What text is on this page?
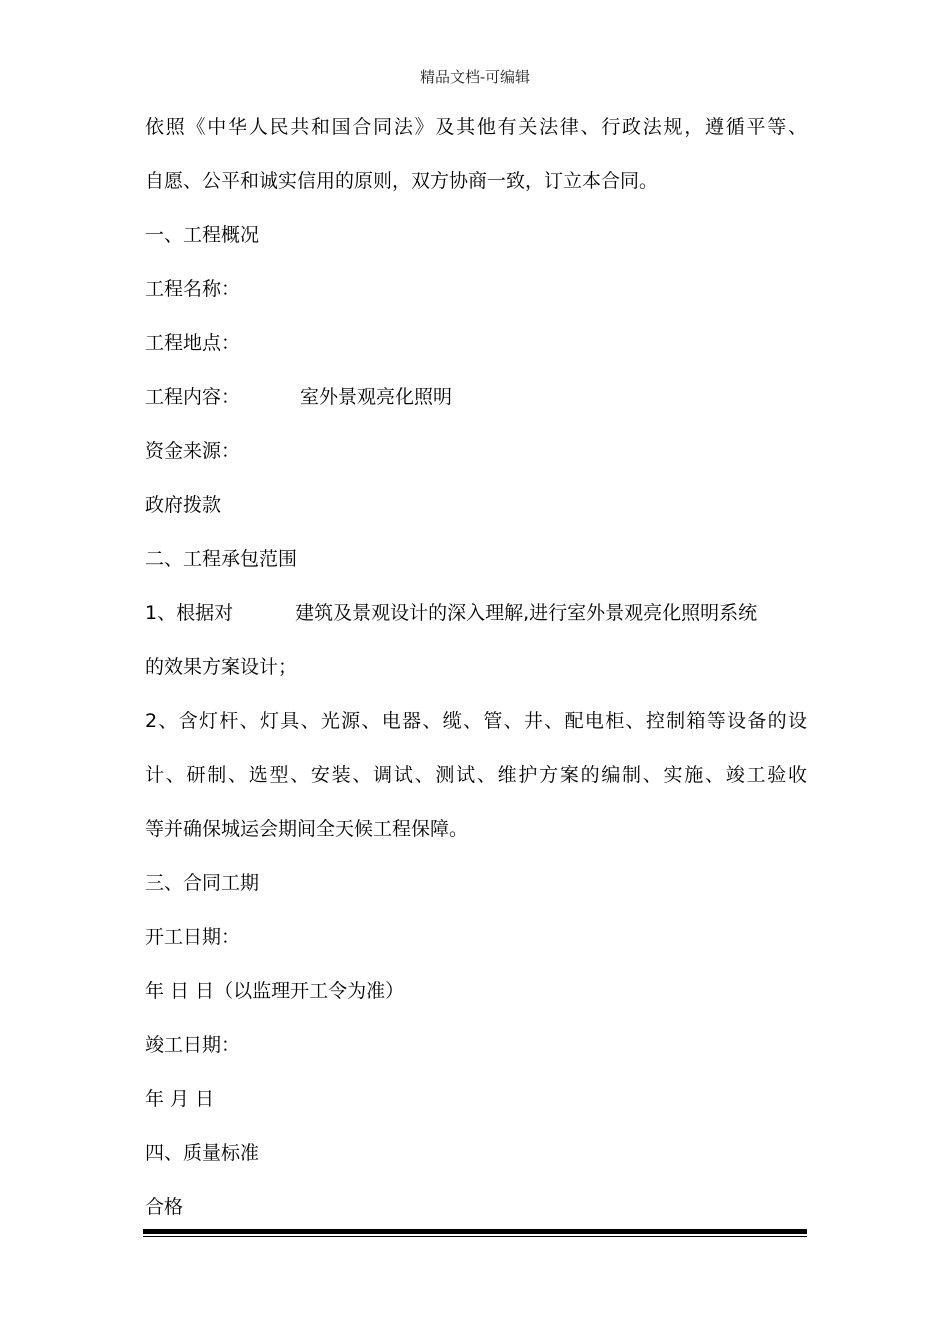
精品文档-可编辑
依照《中华人民共和国合同法》及其他有关法律、行政法规，遵循平等、
自愿、公平和诚实信用的原则，双方协商一致，订立本合同。
一、工程概况
工程名称：
工程地点：
工程内容：	室外景观亮化照明
资金来源：
政府拨款
二、工程承包范围
1、根据对	建筑及景观设计的深入理解,进行室外景观亮化照明系统
的效果方案设计；
2、含灯杆、灯具、光源、电器、缆、管、井、配电柜、控制箱等设备的设
计、研制、选型、安装、调试、测试、维护方案的编制、实施、竣工验收
等并确保城运会期间全天候工程保障。
三、合同工期
开工日期：
年 日 日（以监理开工令为准）
竣工日期：
年 月 日
四、质量标准
合格
